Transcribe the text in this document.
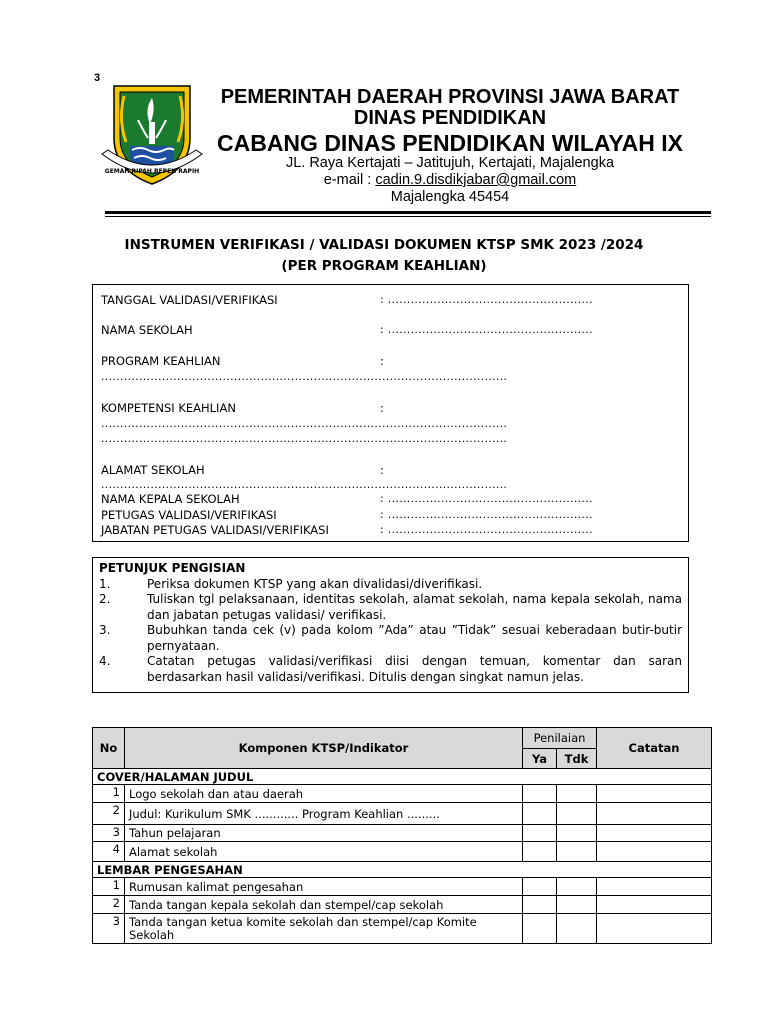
3
GEMAH RIPAH REPEH RAPIH
PEMERINTAH DAERAH PROVINSI JAWA BARAT
DINAS PENDIDIKAN
CABANG DINAS PENDIDIKAN WILAYAH IX
JL. Raya Kertajati – Jatitujuh, Kertajati, Majalengka
e-mail : cadin.9.disdikjabar@gmail.com
Majalengka 45454
INSTRUMEN VERIFIKASI / VALIDASI DOKUMEN KTSP SMK 2023 /2024
(PER PROGRAM KEAHLIAN)
TANGGAL VALIDASI/VERIFIKASI	: ......................................................
NAMA SEKOLAH	: ......................................................
PROGRAM KEAHLIAN	:
...........................................................................................................
KOMPETENSI KEAHLIAN	:
...........................................................................................................
...........................................................................................................
ALAMAT SEKOLAH	:
...........................................................................................................
NAMA KEPALA SEKOLAH	: ......................................................
PETUGAS VALIDASI/VERIFIKASI	: ......................................................
JABATAN PETUGAS VALIDASI/VERIFIKASI	: ......................................................
PETUNJUK PENGISIAN
1.	Periksa dokumen KTSP yang akan divalidasi/diverifikasi.
2.	Tuliskan tgl pelaksanaan, identitas sekolah, alamat sekolah, nama kepala sekolah, nama dan jabatan petugas validasi/ verifikasi.
3.	Bubuhkan tanda cek (v) pada kolom ”Ada” atau ”Tidak” sesuai keberadaan butir-butir pernyataan.
4.	Catatan petugas validasi/verifikasi diisi dengan temuan, komentar dan saran berdasarkan hasil validasi/verifikasi. Ditulis dengan singkat namun jelas.
No	Komponen KTSP/Indikator	Penilaian		Catatan
		Ya	Tdk	
COVER/HALAMAN JUDUL				
1	Logo sekolah dan atau daerah			
2	Judul: Kurikulum SMK ............ Program Keahlian .........			
3	Tahun pelajaran			
4	Alamat sekolah			
LEMBAR PENGESAHAN				
1	Rumusan kalimat pengesahan			
2	Tanda tangan kepala sekolah dan stempel/cap sekolah			
3	Tanda tangan ketua komite sekolah dan stempel/cap Komite Sekolah			
